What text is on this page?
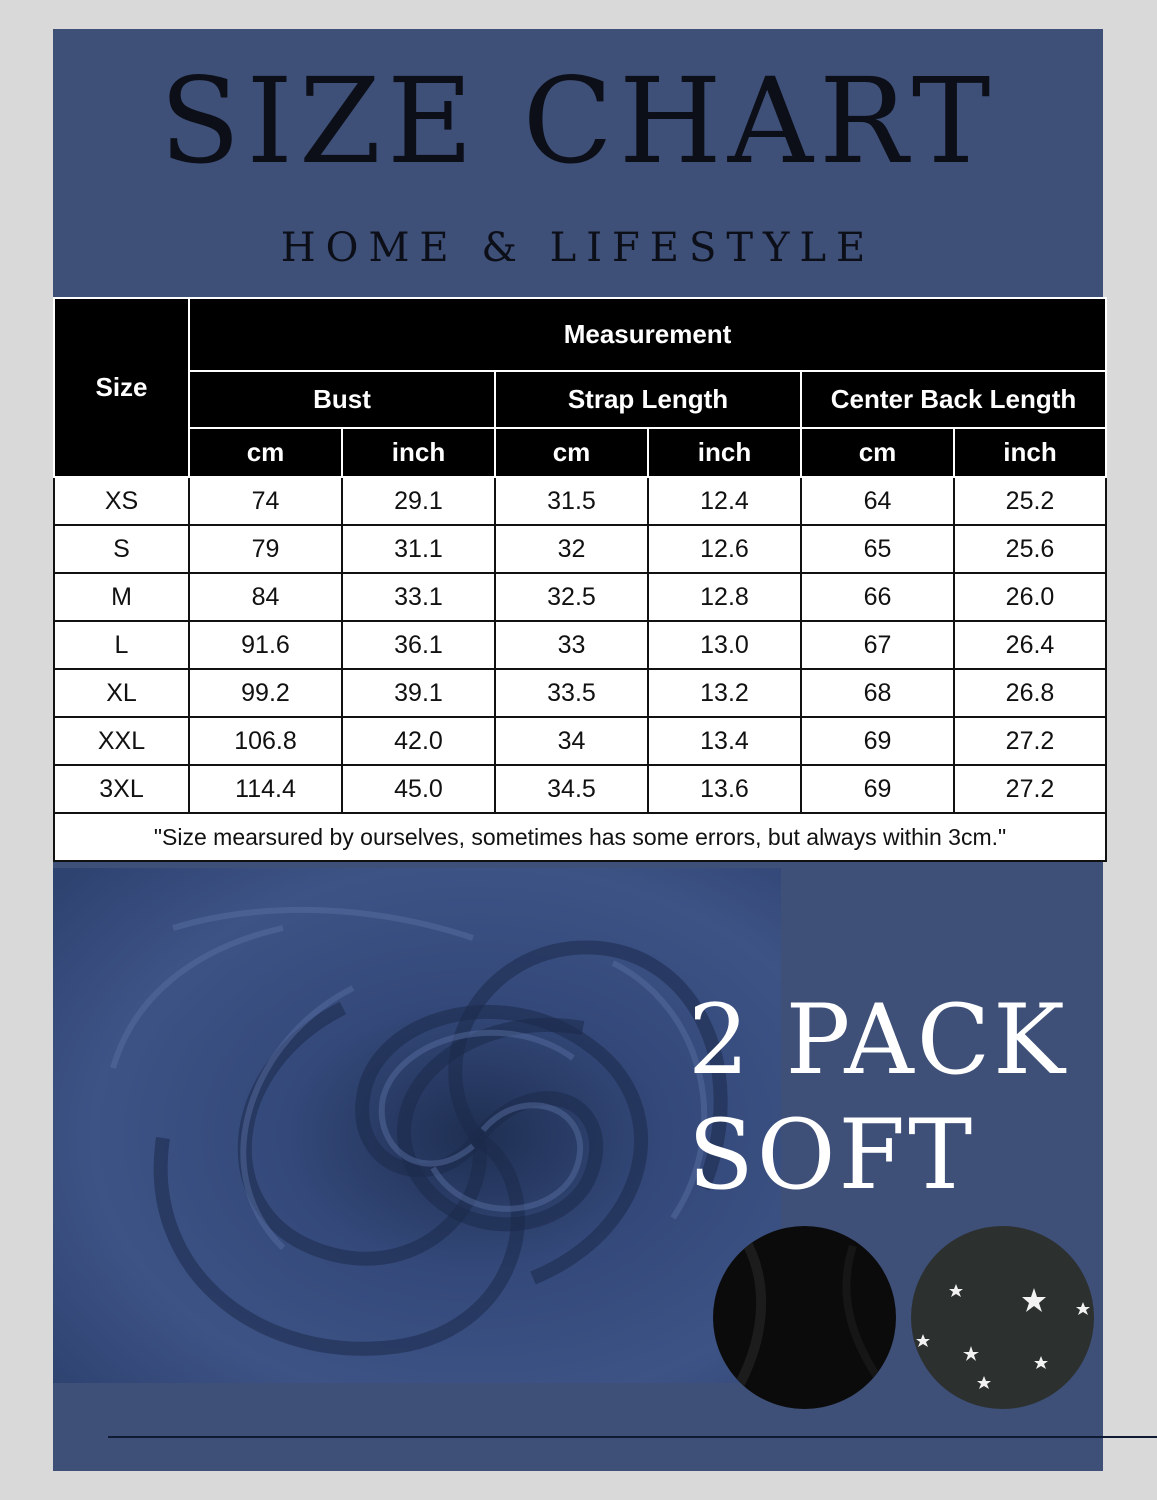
SIZE CHART
HOME & LIFESTYLE
Size	Measurement					
	Bust		Strap Length		Center Back Length	
	cm	inch	cm	inch	cm	inch
XS	74	29.1	31.5	12.4	64	25.2
S	79	31.1	32	12.6	65	25.6
M	84	33.1	32.5	12.8	66	26.0
L	91.6	36.1	33	13.0	67	26.4
XL	99.2	39.1	33.5	13.2	68	26.8
XXL	106.8	42.0	34	13.4	69	27.2
3XL	114.4	45.0	34.5	13.6	69	27.2
"Size mearsured by ourselves, sometimes has some errors, but always within 3cm."						
2 PACK
SOFT
